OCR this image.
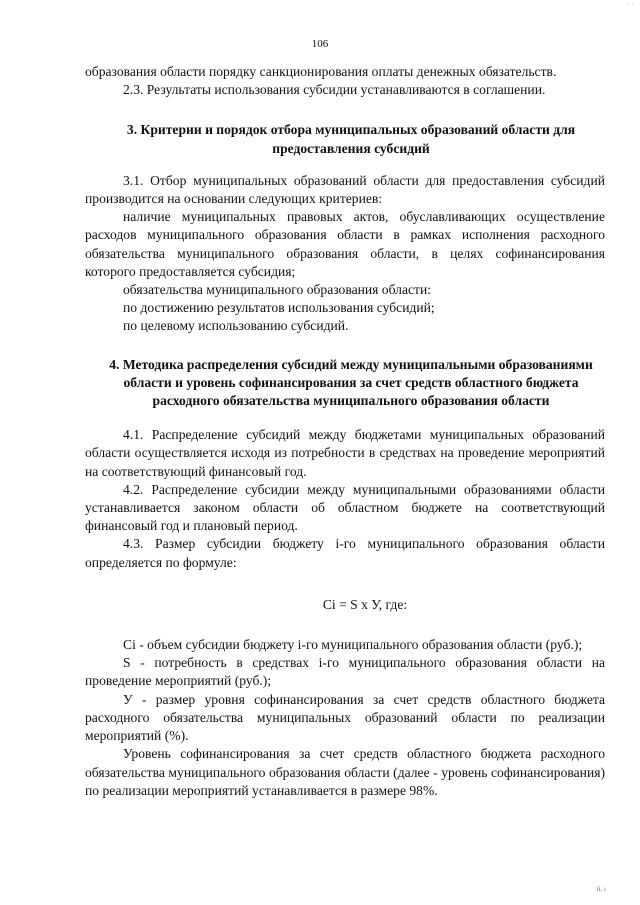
· ·
106

образования области порядку санкционирования оплаты денежных обязательств.

2.3. Результаты использования субсидии устанавливаются в соглашении.

3. Критерии и порядок отбора муниципальных образований области для предоставления субсидий

3.1. Отбор муниципальных образований области для предоставления субсидий производится на основании следующих критериев:

наличие муниципальных правовых актов, обуславливающих осуществление расходов муниципального образования области в рамках исполнения расходного обязательства муниципального образования области, в целях софинансирования которого предоставляется субсидия;

обязательства муниципального образования области:

по достижению результатов использования субсидий;

по целевому использованию субсидий.

4. Методика распределения субсидий между муниципальными образованиями области и уровень софинансирования за счет средств областного бюджета расходного обязательства муниципального образования области

4.1. Распределение субсидий между бюджетами муниципальных образований области осуществляется исходя из потребности в средствах на проведение мероприятий на соответствующий финансовый год.

4.2. Распределение субсидии между муниципальными образованиями области устанавливается законом области об областном бюджете на соответствующий финансовый год и плановый период.

4.3. Размер субсидии бюджету i-го муниципального образования области определяется по формуле:

Ci = S x У, где:

Ci - объем субсидии бюджету i-го муниципального образования области (руб.);

S - потребность в средствах i-го муниципального образования области на проведение мероприятий (руб.);

У - размер уровня софинансирования за счет средств областного бюджета расходного обязательства муниципальных образований области по реализации мероприятий (%).

Уровень софинансирования за счет средств областного бюджета расходного обязательства муниципального образования области (далее - уровень софинансирования) по реализации мероприятий устанавливается в размере 98%.

ii. ı
